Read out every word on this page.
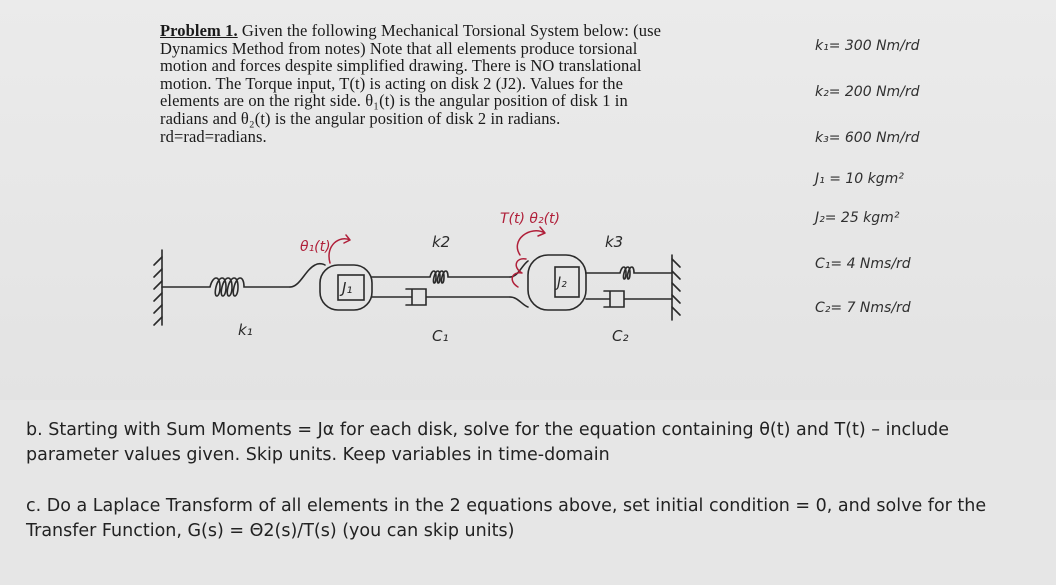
Problem 1. Given the following Mechanical Torsional System below: (use
Dynamics Method from notes) Note that all elements produce torsional
motion and forces despite simplified drawing. There is NO translational
motion. The Torque input, T(t) is acting on disk 2 (J2). Values for the
elements are on the right side. θ₁(t) is the angular position of disk 1 in
radians and θ₂(t) is the angular position of disk 2 in radians.
rd=rad=radians.
k₁= 300 Nm/rd
k₂= 200 Nm/rd
k₃= 600 Nm/rd
J₁ = 10 kgm²
J₂= 25 kgm²
C₁= 4 Nms/rd
C₂= 7 Nms/rd
θ₁(t)	k2
T(t) θ₂(t)
k3
J₁	J₂
k₁	C₁	C₂
b. Starting with Sum Moments = Jα for each disk, solve for the equation containing θ(t) and T(t) – include parameter values given. Skip units. Keep variables in time-domain
c. Do a Laplace Transform of all elements in the 2 equations above, set initial condition = 0, and solve for the Transfer Function, G(s) = Θ2(s)/T(s) (you can skip units)
